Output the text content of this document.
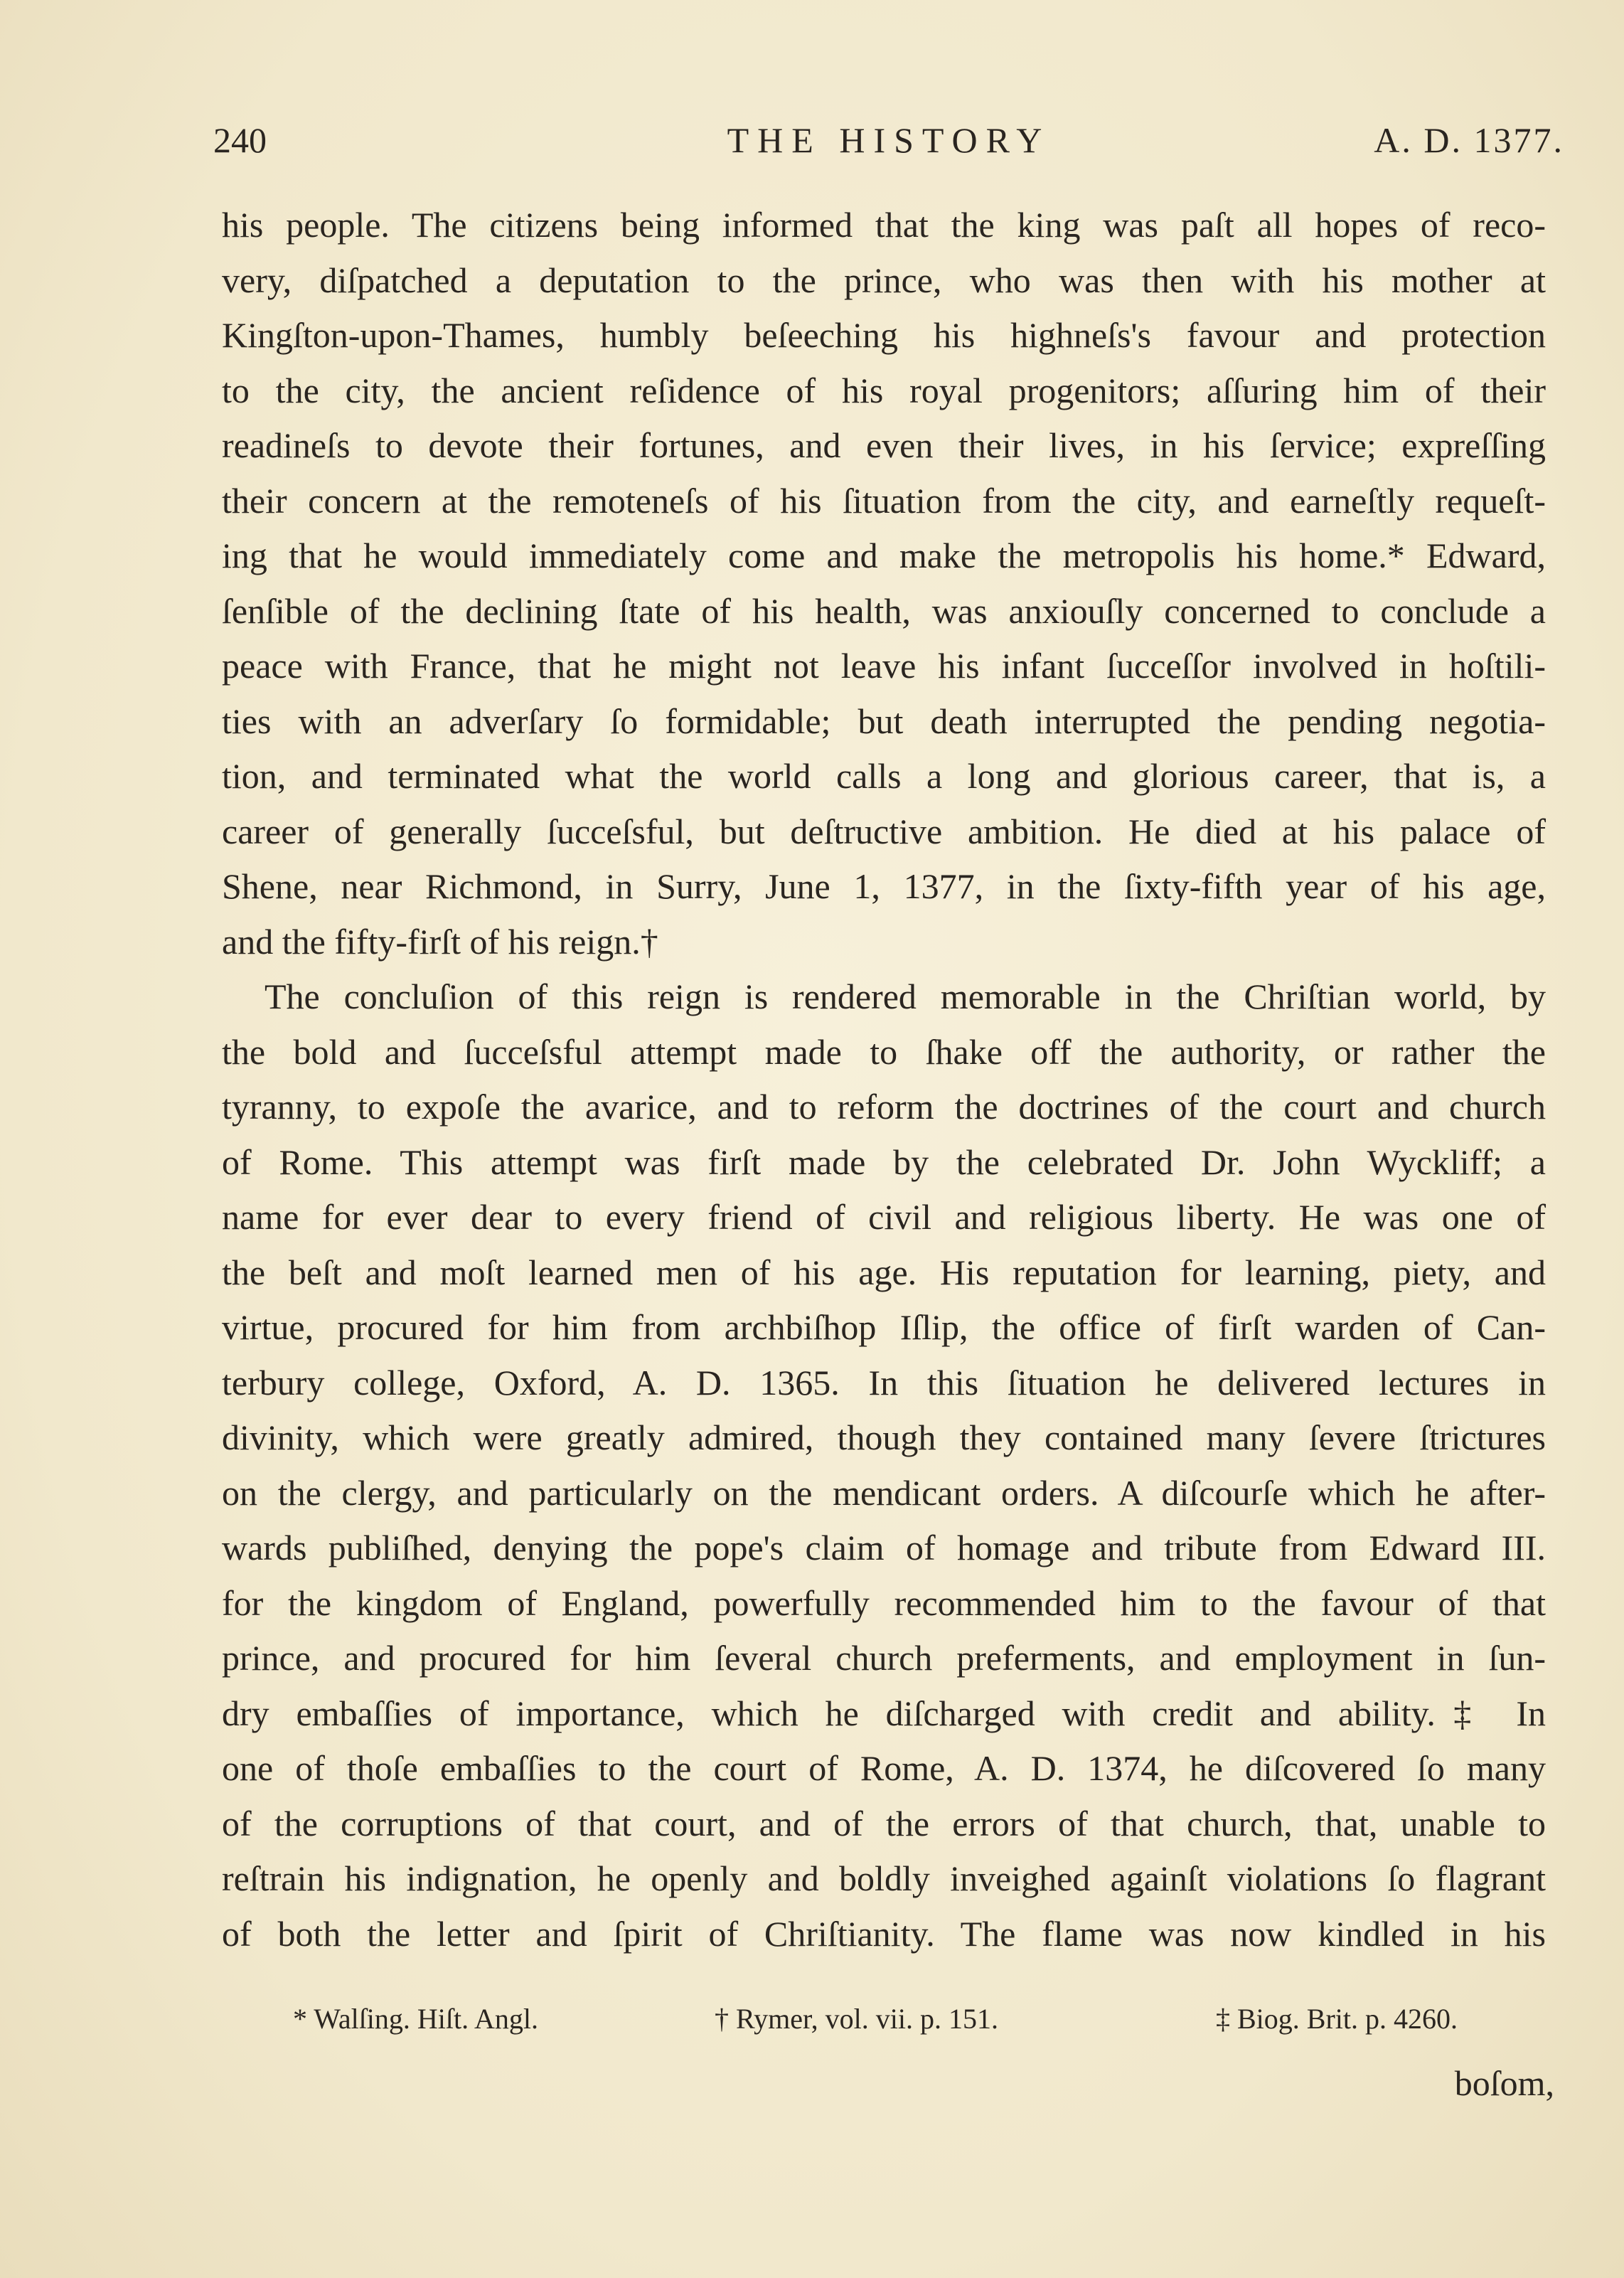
240	THE HISTORY	A. D. 1377.
his people. The citizens being informed that the king was paſt all hopes of reco-
very, diſpatched a deputation to the prince, who was then with his mother at
Kingſton-upon-Thames, humbly beſeeching his highneſs's favour and protection
to the city, the ancient reſidence of his royal progenitors; aſſuring him of their
readineſs to devote their fortunes, and even their lives, in his ſervice; expreſſing
their concern at the remoteneſs of his ſituation from the city, and earneſtly requeſt-
ing that he would immediately come and make the metropolis his home.* Edward,
ſenſible of the declining ſtate of his health, was anxiouſly concerned to conclude a
peace with France, that he might not leave his infant ſucceſſor involved in hoſtili-
ties with an adverſary ſo formidable; but death interrupted the pending negotia-
tion, and terminated what the world calls a long and glorious career, that is, a
career of generally ſucceſsful, but deſtructive ambition. He died at his palace of
Shene, near Richmond, in Surry, June 1, 1377, in the ſixty-fifth year of his age,
and the fifty-firſt of his reign.†
The concluſion of this reign is rendered memorable in the Chriſtian world, by
the bold and ſucceſsful attempt made to ſhake off the authority, or rather the
tyranny, to expoſe the avarice, and to reform the doctrines of the court and church
of Rome. This attempt was firſt made by the celebrated Dr. John Wyckliff; a
name for ever dear to every friend of civil and religious liberty. He was one of
the beſt and moſt learned men of his age. His reputation for learning, piety, and
virtue, procured for him from archbiſhop Iſlip, the office of firſt warden of Can-
terbury college, Oxford, A. D. 1365. In this ſituation he delivered lectures in
divinity, which were greatly admired, though they contained many ſevere ſtrictures
on the clergy, and particularly on the mendicant orders. A diſcourſe which he after-
wards publiſhed, denying the pope's claim of homage and tribute from Edward III.
for the kingdom of England, powerfully recommended him to the favour of that
prince, and procured for him ſeveral church preferments, and employment in ſun-
dry embaſſies of importance, which he diſcharged with credit and ability.‡ In
one of thoſe embaſſies to the court of Rome, A. D. 1374, he diſcovered ſo many
of the corruptions of that court, and of the errors of that church, that, unable to
reſtrain his indignation, he openly and boldly inveighed againſt violations ſo flagrant
of both the letter and ſpirit of Chriſtianity. The flame was now kindled in his
* Walſing. Hiſt. Angl.	† Rymer, vol. vii. p. 151.	‡ Biog. Brit. p. 4260.
boſom,
